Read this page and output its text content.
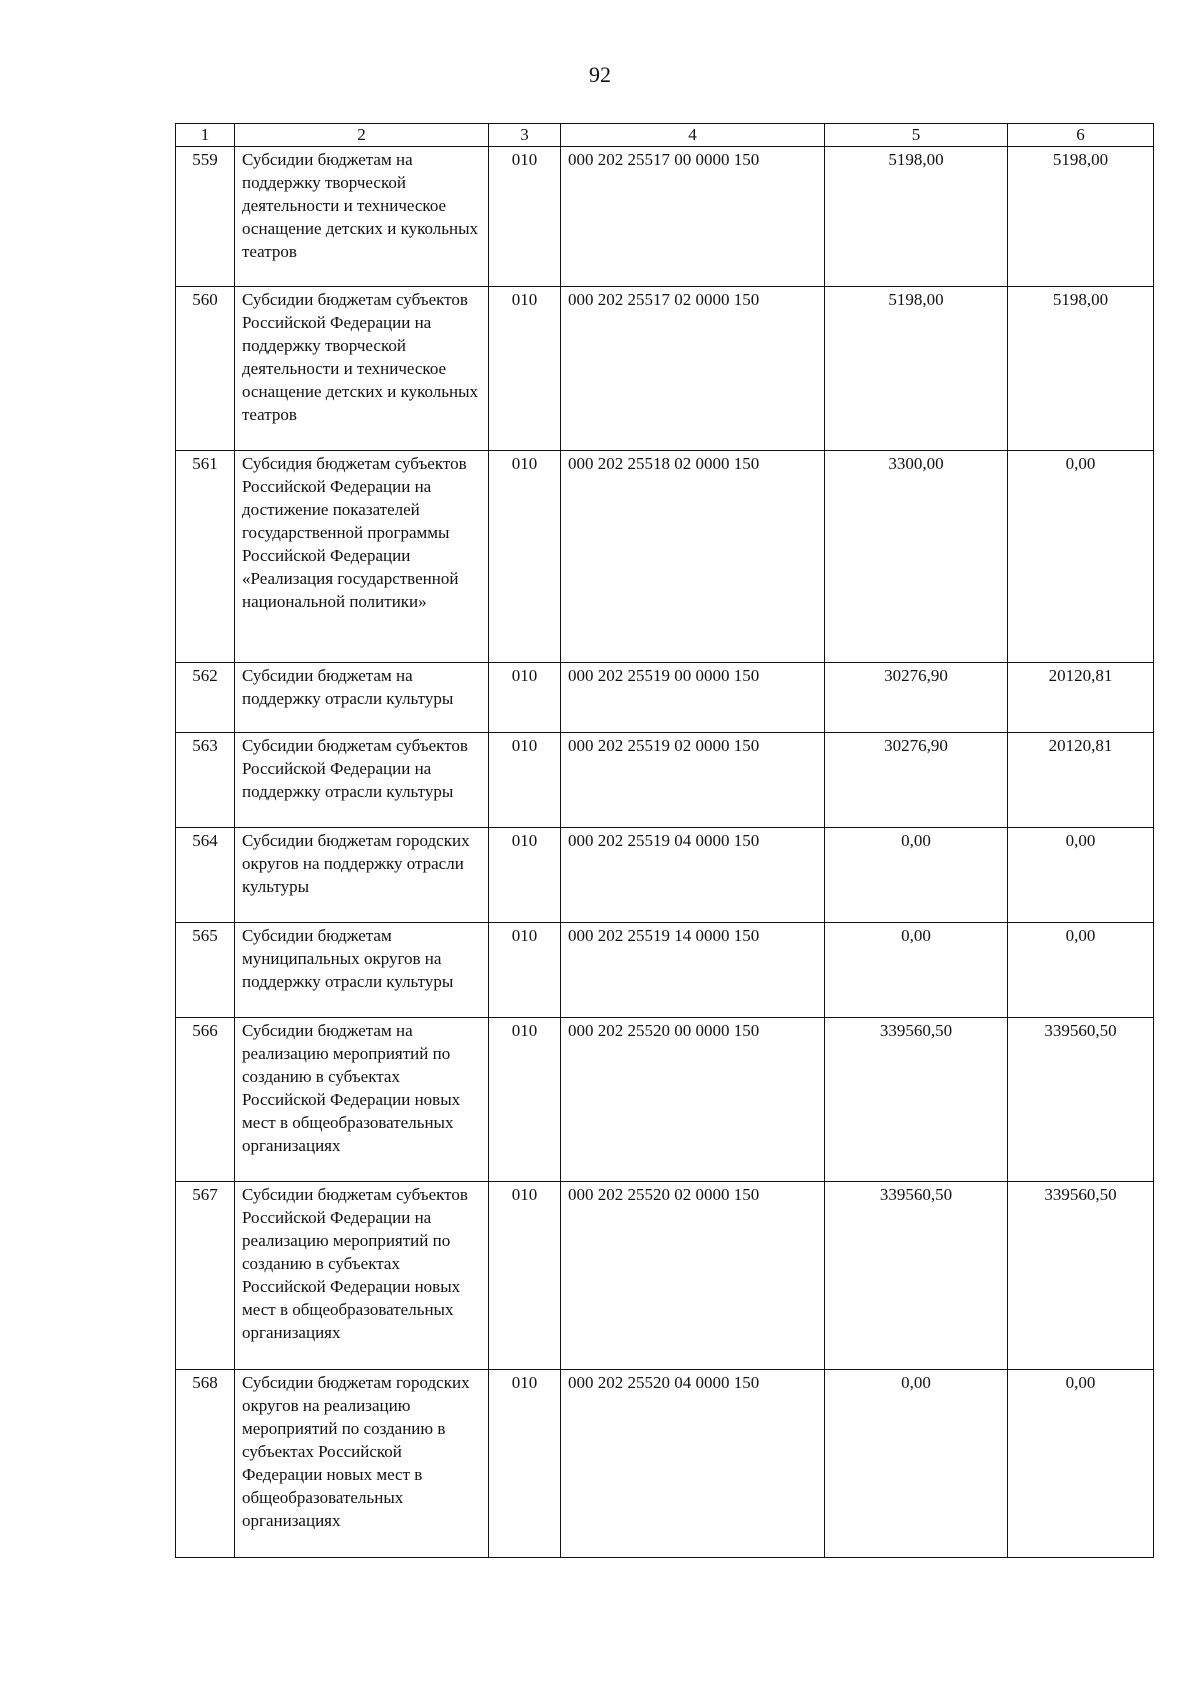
92
1	2	3	4	5	6
559	Субсидии бюджетам на поддержку творческой деятельности и техническое оснащение детских и кукольных театров	010	000 202 25517 00 0000 150	5198,00	5198,00
560	Субсидии бюджетам субъектов Российской Федерации на поддержку творческой деятельности и техническое оснащение детских и кукольных театров	010	000 202 25517 02 0000 150	5198,00	5198,00
561	Субсидия бюджетам субъектов Российской Федерации на достижение показателей государственной программы Российской Федерации «Реализация государственной национальной политики»	010	000 202 25518 02 0000 150	3300,00	0,00
562	Субсидии бюджетам на поддержку отрасли культуры	010	000 202 25519 00 0000 150	30276,90	20120,81
563	Субсидии бюджетам субъектов Российской Федерации на поддержку отрасли культуры	010	000 202 25519 02 0000 150	30276,90	20120,81
564	Субсидии бюджетам городских округов на поддержку отрасли культуры	010	000 202 25519 04 0000 150	0,00	0,00
565	Субсидии бюджетам муниципальных округов на поддержку отрасли культуры	010	000 202 25519 14 0000 150	0,00	0,00
566	Субсидии бюджетам на реализацию мероприятий по созданию в субъектах Российской Федерации новых мест в общеобразовательных организациях	010	000 202 25520 00 0000 150	339560,50	339560,50
567	Субсидии бюджетам субъектов Российской Федерации на реализацию мероприятий по созданию в субъектах Российской Федерации новых мест в общеобразовательных организациях	010	000 202 25520 02 0000 150	339560,50	339560,50
568	Субсидии бюджетам городских округов на реализацию мероприятий по созданию в субъектах Российской Федерации новых мест в общеобразовательных организациях	010	000 202 25520 04 0000 150	0,00	0,00
